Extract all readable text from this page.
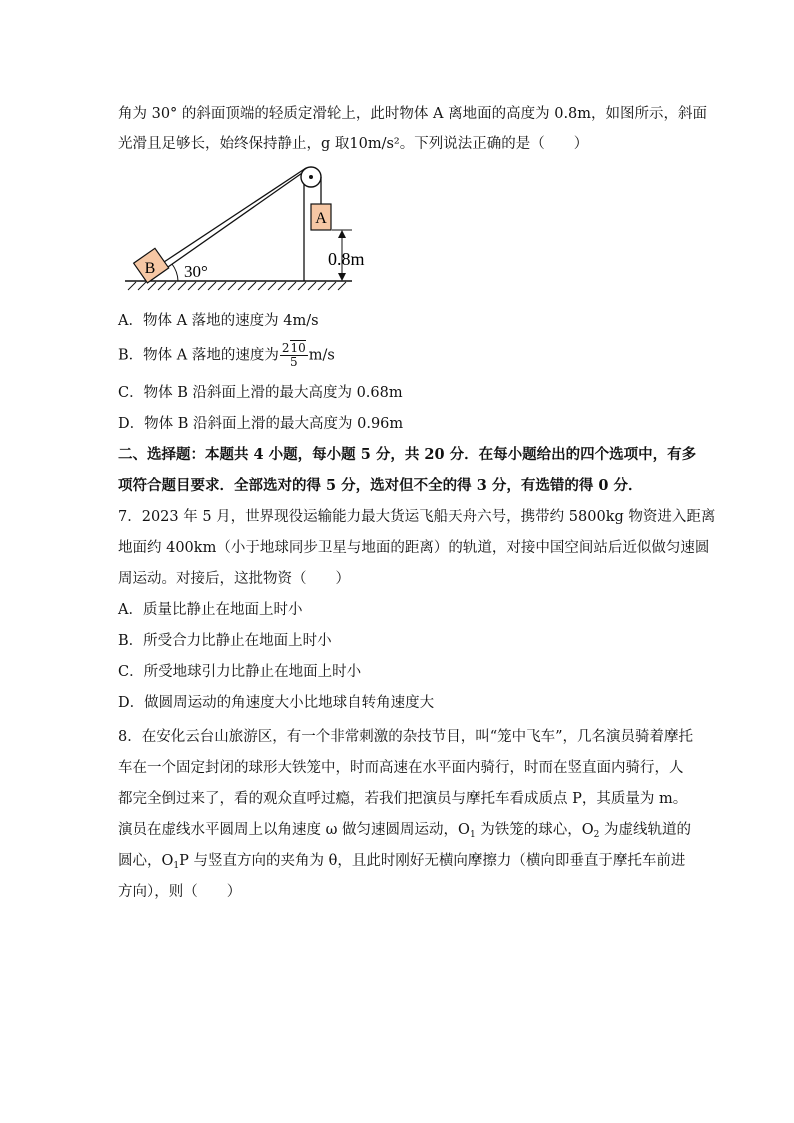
角为 30° 的斜面顶端的轻质定滑轮上，此时物体 A 离地面的高度为 0.8m，如图所示，斜面
光滑且足够长，始终保持静止，g 取10m/s²。下列说法正确的是（　　）
A
0.8m
B 30°
A．物体 A 落地的速度为 4m/s
B．物体 A 落地的速度为 $\frac{210}{5} m/s$
C．物体 B 沿斜面上滑的最大高度为 0.68m
D．物体 B 沿斜面上滑的最大高度为 0.96m
二、选择题：本题共 4 小题，每小题 5 分，共 20 分．在每小题给出的四个选项中，有多
项符合题目要求．全部选对的得 5 分，选对但不全的得 3 分，有选错的得 0 分．
7．2023 年 5 月，世界现役运输能力最大货运飞船天舟六号，携带约 5800kg 物资进入距离
地面约 400km（小于地球同步卫星与地面的距离）的轨道，对接中国空间站后近似做匀速圆
周运动。对接后，这批物资（　　）
A．质量比静止在地面上时小
B．所受合力比静止在地面上时小
C．所受地球引力比静止在地面上时小
D．做圆周运动的角速度大小比地球自转角速度大
8．在安化云台山旅游区，有一个非常刺激的杂技节目，叫“笼中飞车”，几名演员骑着摩托
车在一个固定封闭的球形大铁笼中，时而高速在水平面内骑行，时而在竖直面内骑行，人
都完全倒过来了，看的观众直呼过瘾，若我们把演员与摩托车看成质点 P，其质量为 m。
演员在虚线水平圆周上以角速度 ω 做匀速圆周运动，$O_1$ 为铁笼的球心，$O_2$ 为虚线轨道的
圆心，$O_1P$ 与竖直方向的夹角为 θ，且此时刚好无横向摩擦力（横向即垂直于摩托车前进
方向），则（　　）
